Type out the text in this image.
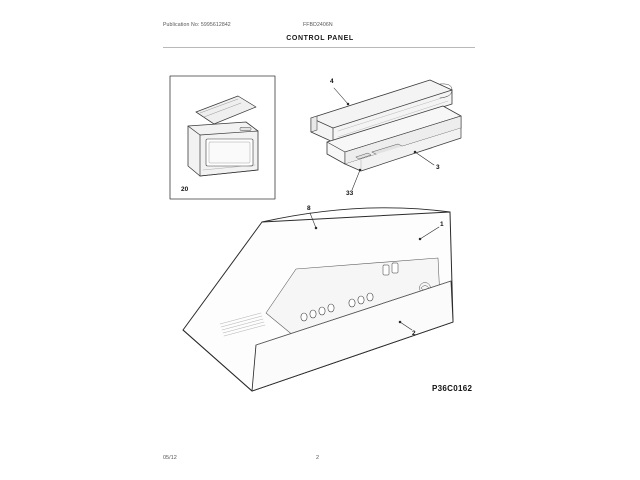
Publication No: 5995612842	FFBD2406N
CONTROL PANEL
20
4
3
33
8
1
2
P36C0162
05/12	2
